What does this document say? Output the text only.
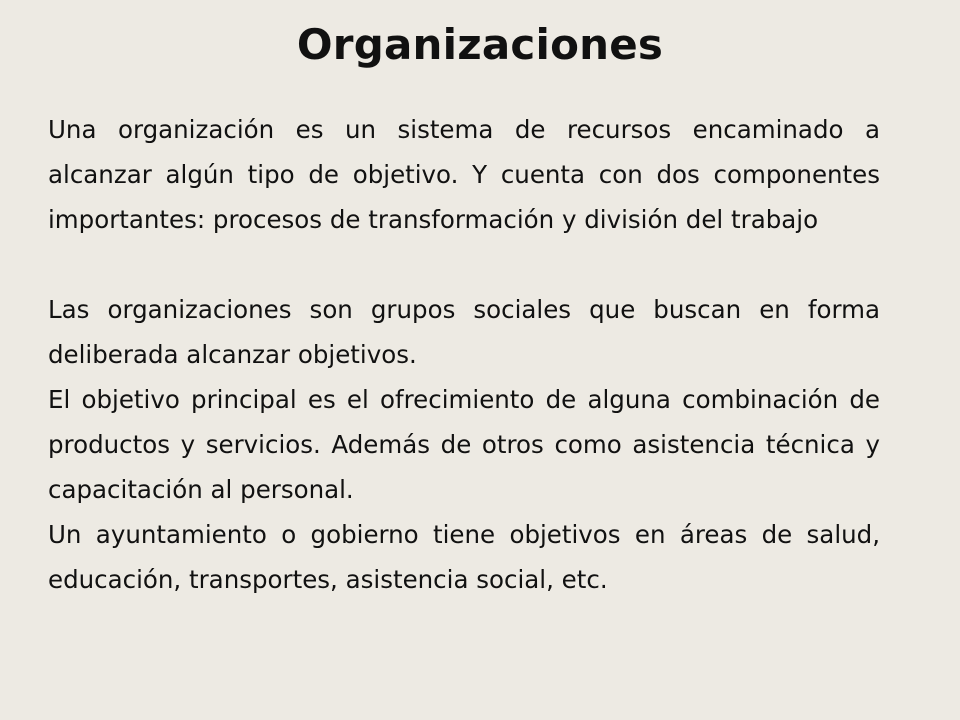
Organizaciones

Una organización es un sistema de recursos encaminado a alcanzar algún tipo de objetivo. Y cuenta con dos componentes importantes: procesos de transformación y división del trabajo

Las organizaciones son grupos sociales que buscan en forma deliberada alcanzar objetivos.

El objetivo principal es el ofrecimiento de alguna combinación de productos y servicios. Además de otros como asistencia técnica y capacitación al personal.

Un ayuntamiento o gobierno tiene objetivos en áreas de salud, educación, transportes, asistencia social, etc.
